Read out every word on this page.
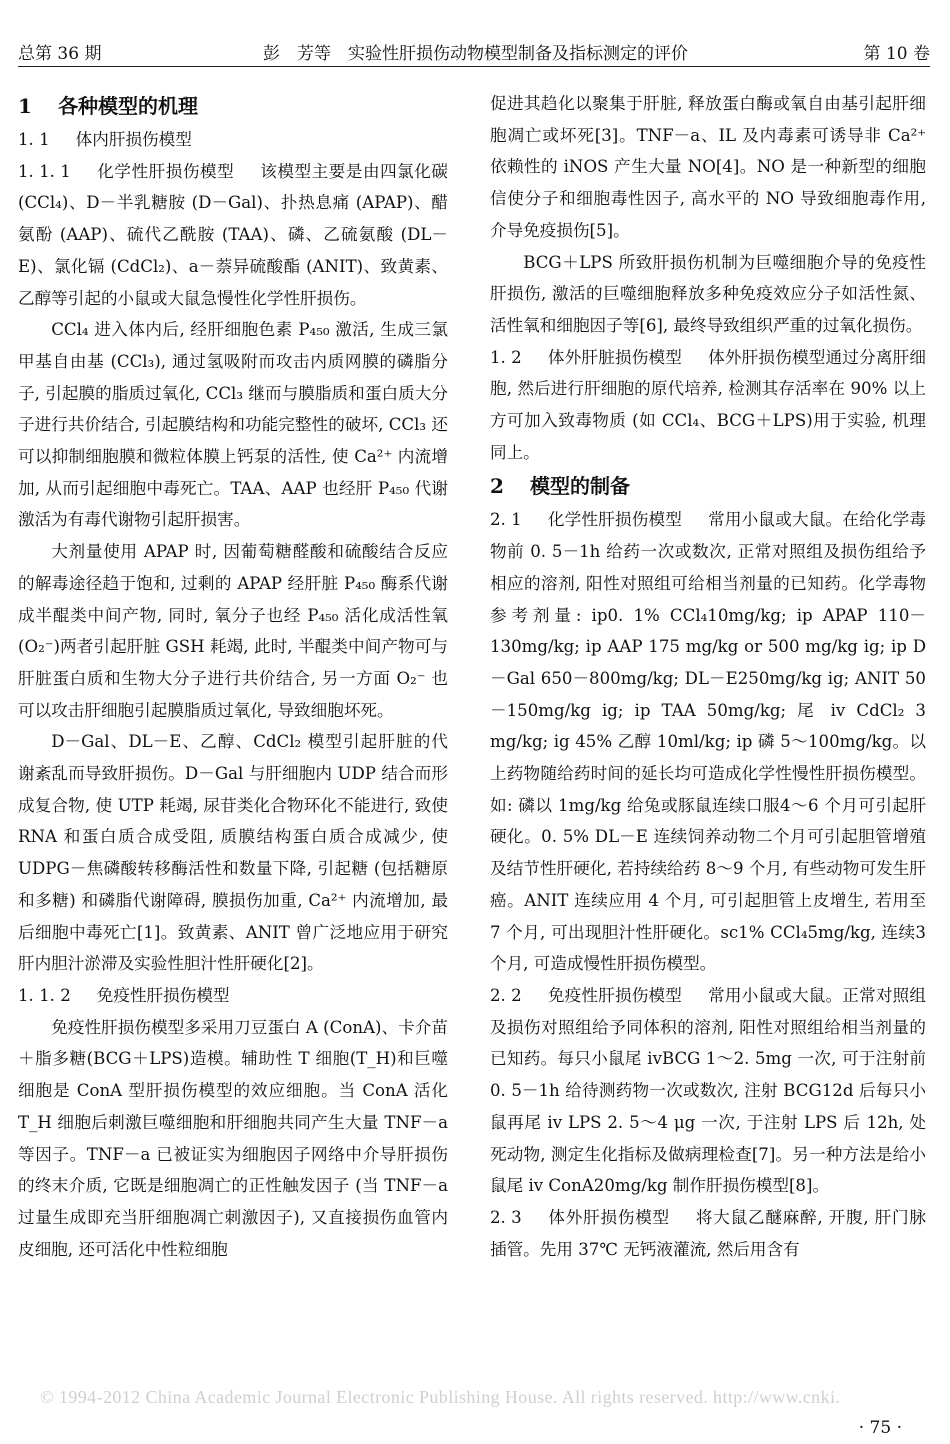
总第 36 期	彭　芳等　实验性肝损伤动物模型制备及指标测定的评价	第 10 卷

1 各种模型的机理

1. 1 体内肝损伤模型

1. 1. 1 化学性肝损伤模型 该模型主要是由四氯化碳 (CCl₄)、D－半乳糖胺 (D－Gal)、扑热息痛 (APAP)、醋氨酚 (AAP)、硫代乙酰胺 (TAA)、磷、乙硫氨酸 (DL－E)、氯化镉 (CdCl₂)、a－萘异硫酸酯 (ANIT)、致黄素、乙醇等引起的小鼠或大鼠急慢性化学性肝损伤。

CCl₄ 进入体内后, 经肝细胞色素 P₄₅₀ 激活, 生成三氯甲基自由基 (CCl₃), 通过氢吸附而攻击内质网膜的磷脂分子, 引起膜的脂质过氧化, CCl₃ 继而与膜脂质和蛋白质大分子进行共价结合, 引起膜结构和功能完整性的破坏, CCl₃ 还可以抑制细胞膜和微粒体膜上钙泵的活性, 使 Ca²⁺ 内流增加, 从而引起细胞中毒死亡。TAA、AAP 也经肝 P₄₅₀ 代谢激活为有毒代谢物引起肝损害。

大剂量使用 APAP 时, 因葡萄糖醛酸和硫酸结合反应的解毒途径趋于饱和, 过剩的 APAP 经肝脏 P₄₅₀ 酶系代谢成半醌类中间产物, 同时, 氧分子也经 P₄₅₀ 活化成活性氧(O₂⁻)两者引起肝脏 GSH 耗竭, 此时, 半醌类中间产物可与肝脏蛋白质和生物大分子进行共价结合, 另一方面 O₂⁻ 也可以攻击肝细胞引起膜脂质过氧化, 导致细胞坏死。

D－Gal、DL－E、乙醇、CdCl₂ 模型引起肝脏的代谢紊乱而导致肝损伤。D－Gal 与肝细胞内 UDP 结合而形成复合物, 使 UTP 耗竭, 尿苷类化合物环化不能进行, 致使 RNA 和蛋白质合成受阻, 质膜结构蛋白质合成减少, 使 UDPG－焦磷酸转移酶活性和数量下降, 引起糖 (包括糖原和多糖) 和磷脂代谢障碍, 膜损伤加重, Ca²⁺ 内流增加, 最后细胞中毒死亡[1]。致黄素、ANIT 曾广泛地应用于研究肝内胆汁淤滞及实验性胆汁性肝硬化[2]。

1. 1. 2 免疫性肝损伤模型

免疫性肝损伤模型多采用刀豆蛋白 A (ConA)、卡介苗＋脂多糖(BCG＋LPS)造模。辅助性 T 细胞(T_H)和巨噬细胞是 ConA 型肝损伤模型的效应细胞。当 ConA 活化 T_H 细胞后刺激巨噬细胞和肝细胞共同产生大量 TNF－a 等因子。TNF－a 已被证实为细胞因子网络中介导肝损伤的终末介质, 它既是细胞凋亡的正性触发因子 (当 TNF－a 过量生成即充当肝细胞凋亡刺激因子), 又直接损伤血管内皮细胞, 还可活化中性粒细胞

促进其趋化以聚集于肝脏, 释放蛋白酶或氧自由基引起肝细胞凋亡或坏死[3]。TNF－a、IL 及内毒素可诱导非 Ca²⁺ 依赖性的 iNOS 产生大量 NO[4]。NO 是一种新型的细胞信使分子和细胞毒性因子, 高水平的 NO 导致细胞毒作用, 介导免疫损伤[5]。

BCG＋LPS 所致肝损伤机制为巨噬细胞介导的免疫性肝损伤, 激活的巨噬细胞释放多种免疫效应分子如活性氮、活性氧和细胞因子等[6], 最终导致组织严重的过氧化损伤。

1. 2 体外肝脏损伤模型 体外肝损伤模型通过分离肝细胞, 然后进行肝细胞的原代培养, 检测其存活率在 90% 以上方可加入致毒物质 (如 CCl₄、BCG＋LPS)用于实验, 机理同上。

2 模型的制备

2. 1 化学性肝损伤模型 常用小鼠或大鼠。在给化学毒物前 0. 5－1h 给药一次或数次, 正常对照组及损伤组给予相应的溶剂, 阳性对照组可给相当剂量的已知药。化学毒物参考剂量: ip0. 1% CCl₄10mg/kg; ip APAP 110－130mg/kg; ip AAP 175 mg/kg or 500 mg/kg ig; ip D－Gal 650－800mg/kg; DL－E250mg/kg ig; ANIT 50－150mg/kg ig; ip TAA 50mg/kg; 尾 iv CdCl₂ 3 mg/kg; ig 45% 乙醇 10ml/kg; ip 磷 5～100mg/kg。以上药物随给药时间的延长均可造成化学性慢性肝损伤模型。如: 磷以 1mg/kg 给兔或豚鼠连续口服4～6 个月可引起肝硬化。0. 5% DL－E 连续饲养动物二个月可引起胆管增殖及结节性肝硬化, 若持续给药 8～9 个月, 有些动物可发生肝癌。ANIT 连续应用 4 个月, 可引起胆管上皮增生, 若用至 7 个月, 可出现胆汁性肝硬化。sc1% CCl₄5mg/kg, 连续3 个月, 可造成慢性肝损伤模型。

2. 2 免疫性肝损伤模型 常用小鼠或大鼠。正常对照组及损伤对照组给予同体积的溶剂, 阳性对照组给相当剂量的已知药。每只小鼠尾 ivBCG 1～2. 5mg 一次, 可于注射前 0. 5－1h 给待测药物一次或数次, 注射 BCG12d 后每只小鼠再尾 iv LPS 2. 5～4 μg 一次, 于注射 LPS 后 12h, 处死动物, 测定生化指标及做病理检查[7]。另一种方法是给小鼠尾 iv ConA20mg/kg 制作肝损伤模型[8]。

2. 3 体外肝损伤模型 将大鼠乙醚麻醉, 开腹, 肝门脉插管。先用 37℃ 无钙液灌流, 然后用含有

© 1994-2012 China Academic Journal Electronic Publishing House. All rights reserved. http://www.cnki.
· 75 ·
